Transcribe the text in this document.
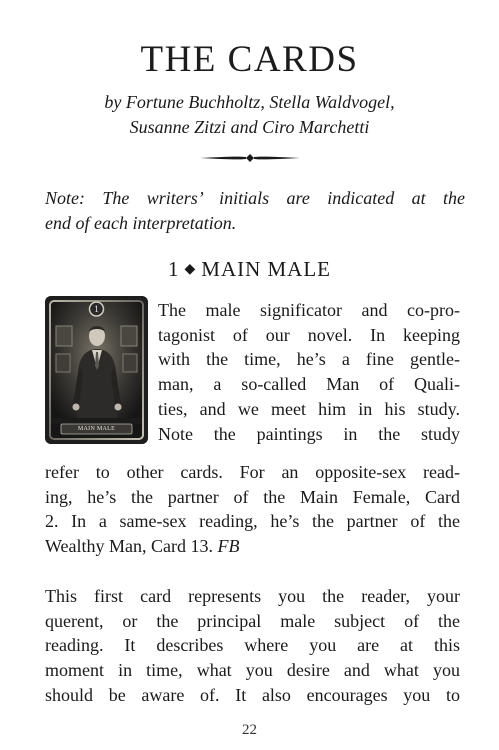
THE CARDS
by Fortune Buchholtz, Stella Waldvogel,
Susanne Zitzi and Ciro Marchetti
Note: The writers’ initials are indicated at the
end of each interpretation.
1 ◆ MAIN MALE
1
MAIN MALE
The male significator and co-pro-
tagonist of our novel. In keeping
with the time, he’s a fine gentle-
man, a so-called Man of Quali-
ties, and we meet him in his study.
Note the paintings in the study
refer to other cards. For an opposite-sex read-
ing, he’s the partner of the Main Female, Card
2. In a same-sex reading, he’s the partner of the
Wealthy Man, Card 13. FB
This first card represents you the reader, your
querent, or the principal male subject of the
reading. It describes where you are at this
moment in time, what you desire and what you
should be aware of. It also encourages you to
22
